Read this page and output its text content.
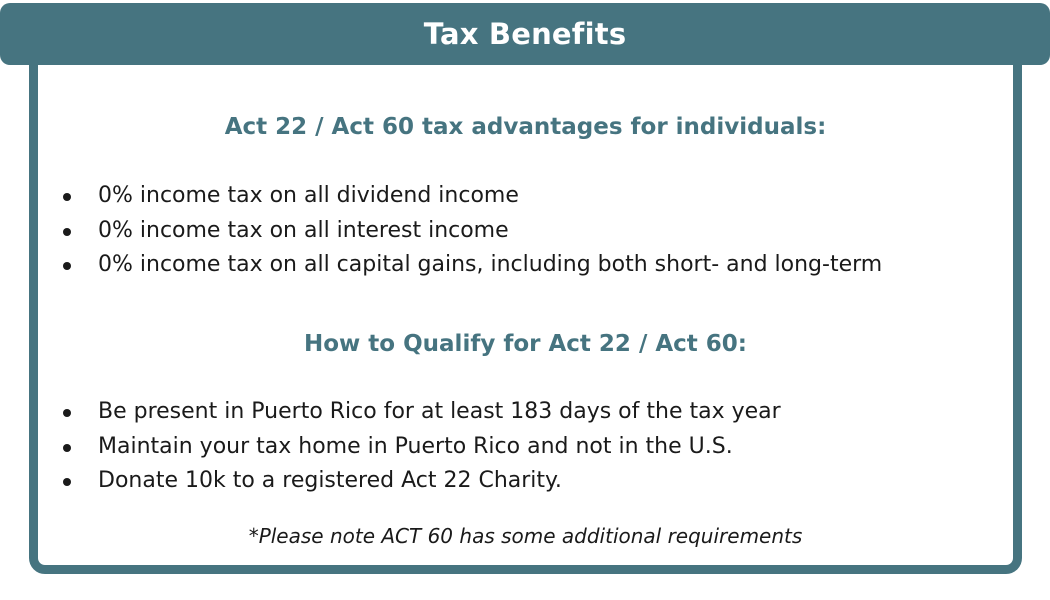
Tax Benefits
Act 22 / Act 60 tax advantages for individuals:
0% income tax on all dividend income
0% income tax on all interest income
0% income tax on all capital gains, including both short- and long-term
How to Qualify for Act 22 / Act 60:
Be present in Puerto Rico for at least 183 days of the tax year
Maintain your tax home in Puerto Rico and not in the U.S.
Donate 10k to a registered Act 22 Charity.
*Please note ACT 60 has some additional requirements
